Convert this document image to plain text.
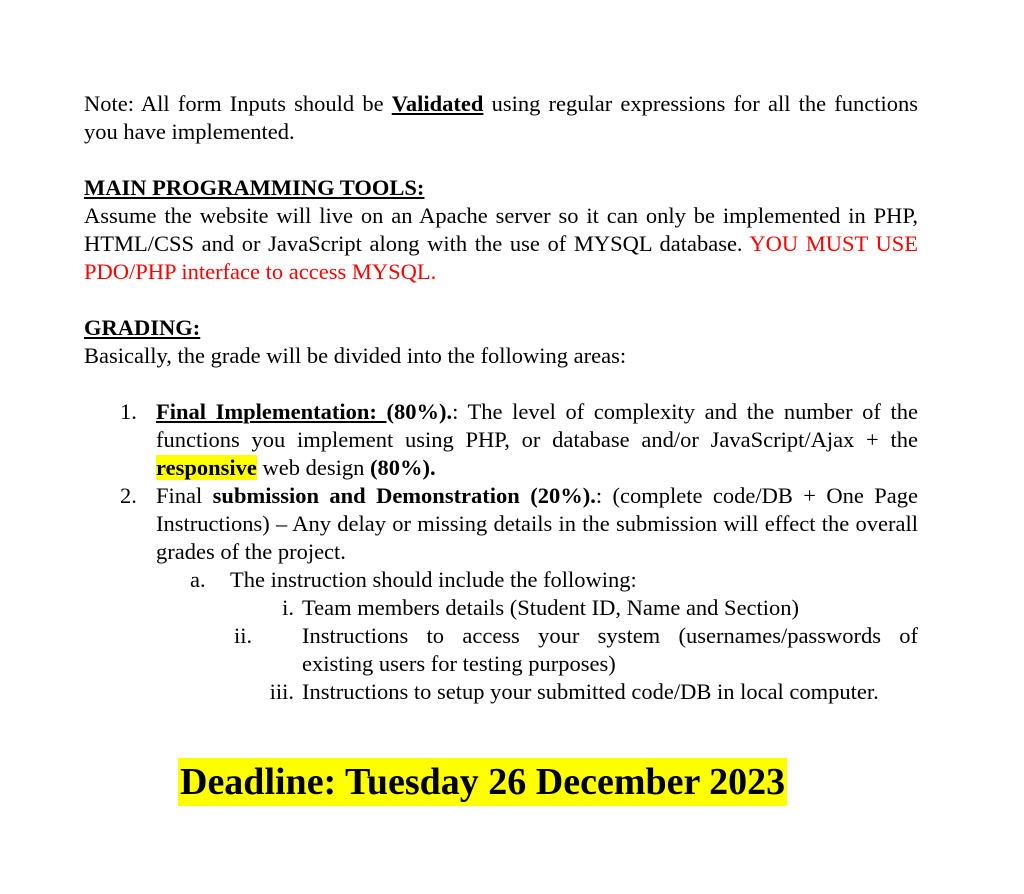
Note: All form Inputs should be Validated using regular expressions for all the functions you have implemented.

MAIN PROGRAMMING TOOLS:

Assume the website will live on an Apache server so it can only be implemented in PHP, HTML/CSS and or JavaScript along with the use of MYSQL database. YOU MUST USE PDO/PHP interface to access MYSQL.

GRADING:

Basically, the grade will be divided into the following areas:

1. Final Implementation: (80%).: The level of complexity and the number of the functions you implement using PHP, or database and/or JavaScript/Ajax + the responsive web design (80%).
2. Final submission and Demonstration (20%).: (complete code/DB + One Page Instructions) – Any delay or missing details in the submission will effect the overall grades of the project.
a.	The instruction should include the following:
i. Team members details (Student ID, Name and Section)
ii.	Instructions to access your system (usernames/passwords of existing users for testing purposes)
iii. Instructions to setup your submitted code/DB in local computer.
Deadline: Tuesday 26 December 2023
